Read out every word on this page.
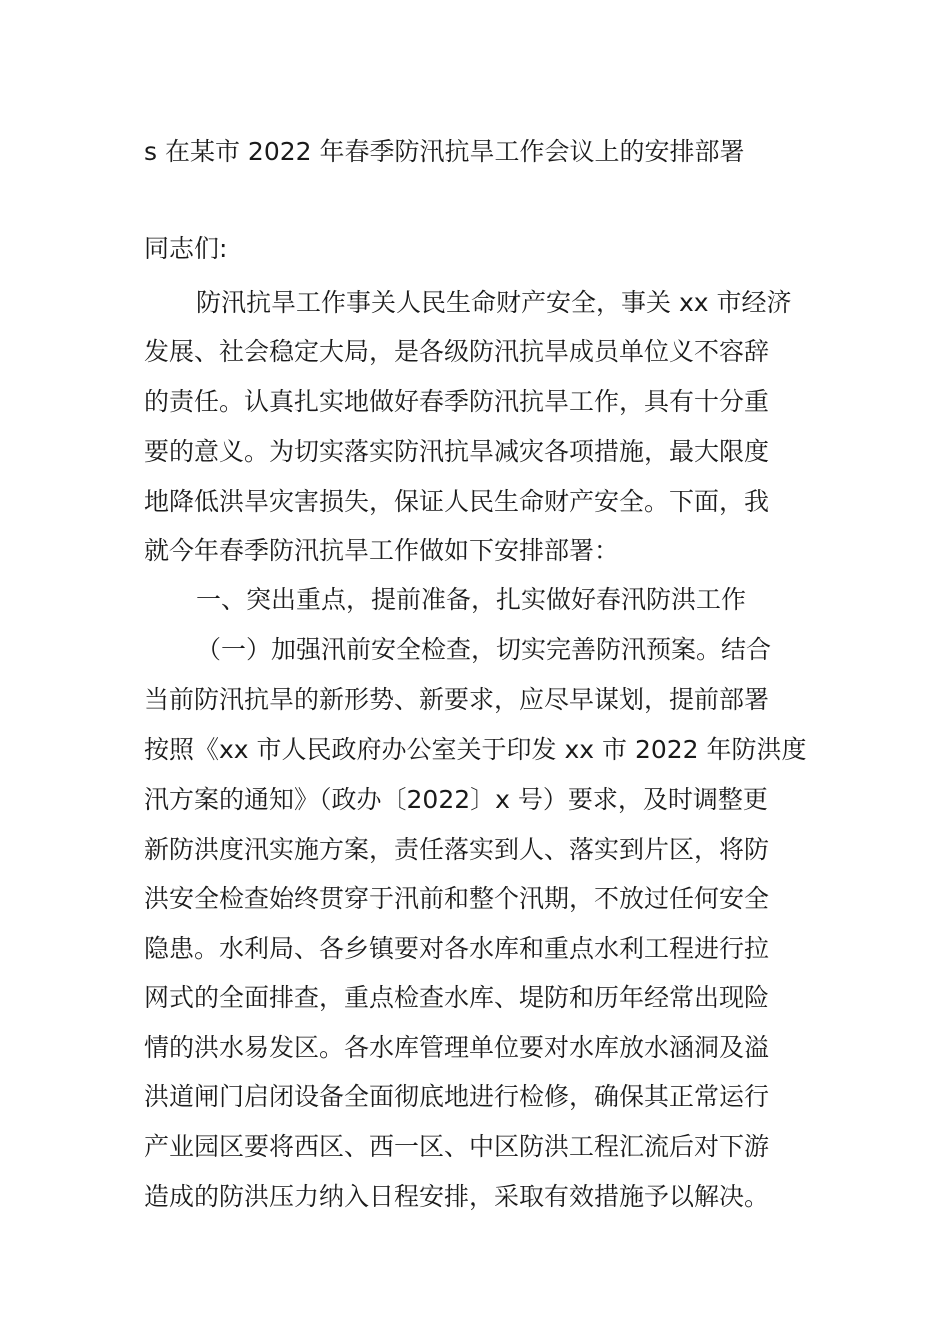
s 在某市 2022 年春季防汛抗旱工作会议上的安排部署
同志们:
防汛抗旱工作事关人民生命财产安全，事关 xx 市经济
发展、社会稳定大局，是各级防汛抗旱成员单位义不容辞
的责任。认真扎实地做好春季防汛抗旱工作，具有十分重
要的意义。为切实落实防汛抗旱减灾各项措施，最大限度
地降低洪旱灾害损失，保证人民生命财产安全。下面，我
就今年春季防汛抗旱工作做如下安排部署：
一、突出重点，提前准备，扎实做好春汛防洪工作
（一）加强汛前安全检查，切实完善防汛预案。结合
当前防汛抗旱的新形势、新要求，应尽早谋划，提前部署
按照《xx 市人民政府办公室关于印发 xx 市 2022 年防洪度
汛方案的通知》（政办〔2022〕x 号）要求，及时调整更
新防洪度汛实施方案，责任落实到人、落实到片区，将防
洪安全检查始终贯穿于汛前和整个汛期，不放过任何安全
隐患。水利局、各乡镇要对各水库和重点水利工程进行拉
网式的全面排查，重点检查水库、堤防和历年经常出现险
情的洪水易发区。各水库管理单位要对水库放水涵洞及溢
洪道闸门启闭设备全面彻底地进行检修，确保其正常运行
产业园区要将西区、西一区、中区防洪工程汇流后对下游
造成的防洪压力纳入日程安排，采取有效措施予以解决。
